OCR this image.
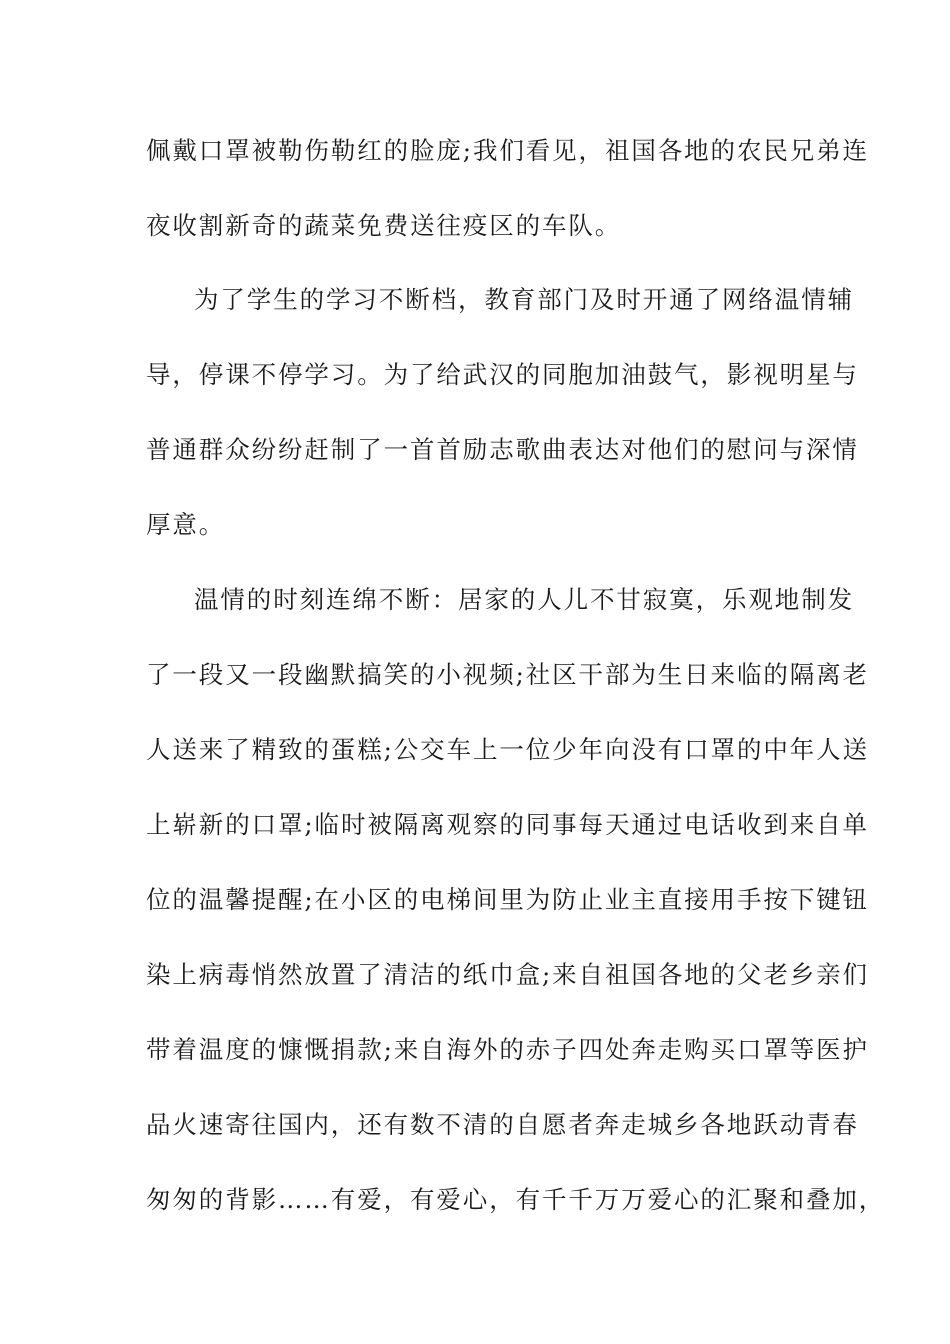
佩戴口罩被勒伤勒红的脸庞;我们看见，祖国各地的农民兄弟连
夜收割新奇的蔬菜免费送往疫区的车队。
为了学生的学习不断档，教育部门及时开通了网络温情辅
导，停课不停学习。为了给武汉的同胞加油鼓气，影视明星与
普通群众纷纷赶制了一首首励志歌曲表达对他们的慰问与深情
厚意。
温情的时刻连绵不断：居家的人儿不甘寂寞，乐观地制发
了一段又一段幽默搞笑的小视频;社区干部为生日来临的隔离老
人送来了精致的蛋糕;公交车上一位少年向没有口罩的中年人送
上崭新的口罩;临时被隔离观察的同事每天通过电话收到来自单
位的温馨提醒;在小区的电梯间里为防止业主直接用手按下键钮
染上病毒悄然放置了清洁的纸巾盒;来自祖国各地的父老乡亲们
带着温度的慷慨捐款;来自海外的赤子四处奔走购买口罩等医护
品火速寄往国内，还有数不清的自愿者奔走城乡各地跃动青春
匆匆的背影……有爱，有爱心，有千千万万爱心的汇聚和叠加，
